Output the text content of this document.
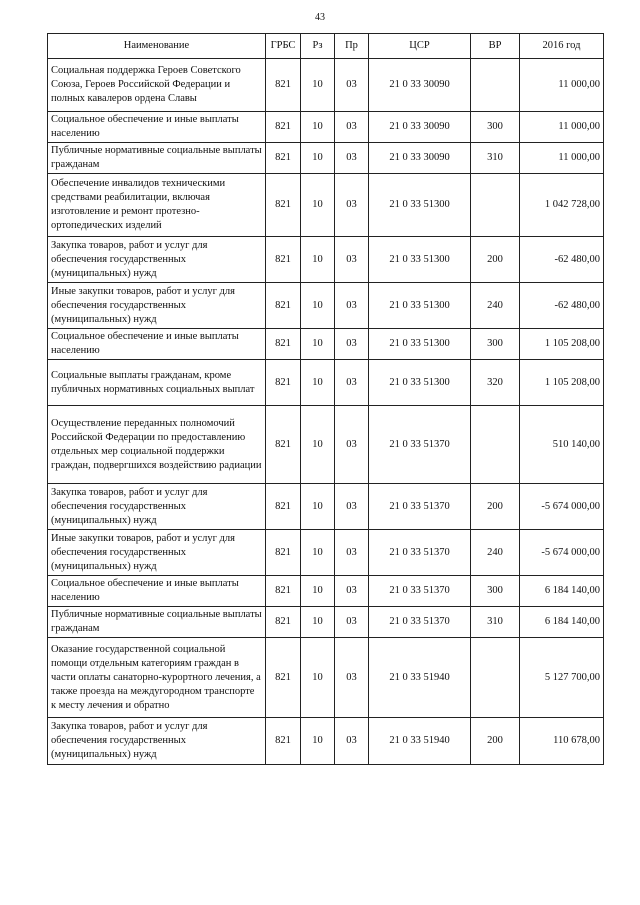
43
Наименование	ГРБС	Рз	Пр	ЦСР	ВР	2016 год
Социальная поддержка Героев Советского Союза, Героев Российской Федерации и полных кавалеров ордена Славы	821	10	03	21 0 33 30090		11 000,00
Социальное обеспечение и иные выплаты населению	821	10	03	21 0 33 30090	300	11 000,00
Публичные нормативные социальные выплаты гражданам	821	10	03	21 0 33 30090	310	11 000,00
Обеспечение инвалидов техническими средствами реабилитации, включая изготовление и ремонт протезно-ортопедических изделий	821	10	03	21 0 33 51300		1 042 728,00
Закупка товаров, работ и услуг для обеспечения государственных (муниципальных) нужд	821	10	03	21 0 33 51300	200	-62 480,00
Иные закупки товаров, работ и услуг для обеспечения государственных (муниципальных) нужд	821	10	03	21 0 33 51300	240	-62 480,00
Социальное обеспечение и иные выплаты населению	821	10	03	21 0 33 51300	300	1 105 208,00
Социальные выплаты гражданам, кроме публичных нормативных социальных выплат	821	10	03	21 0 33 51300	320	1 105 208,00
Осуществление переданных полномочий Российской Федерации по предоставлению отдельных мер социальной поддержки граждан, подвергшихся воздействию радиации	821	10	03	21 0 33 51370		510 140,00
Закупка товаров, работ и услуг для обеспечения государственных (муниципальных) нужд	821	10	03	21 0 33 51370	200	-5 674 000,00
Иные закупки товаров, работ и услуг для обеспечения государственных (муниципальных) нужд	821	10	03	21 0 33 51370	240	-5 674 000,00
Социальное обеспечение и иные выплаты населению	821	10	03	21 0 33 51370	300	6 184 140,00
Публичные нормативные социальные выплаты гражданам	821	10	03	21 0 33 51370	310	6 184 140,00
Оказание государственной социальной помощи отдельным категориям граждан в части оплаты санаторно-курортного лечения, а также проезда на междугородном транспорте к месту лечения и обратно	821	10	03	21 0 33 51940		5 127 700,00
Закупка товаров, работ и услуг для обеспечения государственных (муниципальных) нужд	821	10	03	21 0 33 51940	200	110 678,00
